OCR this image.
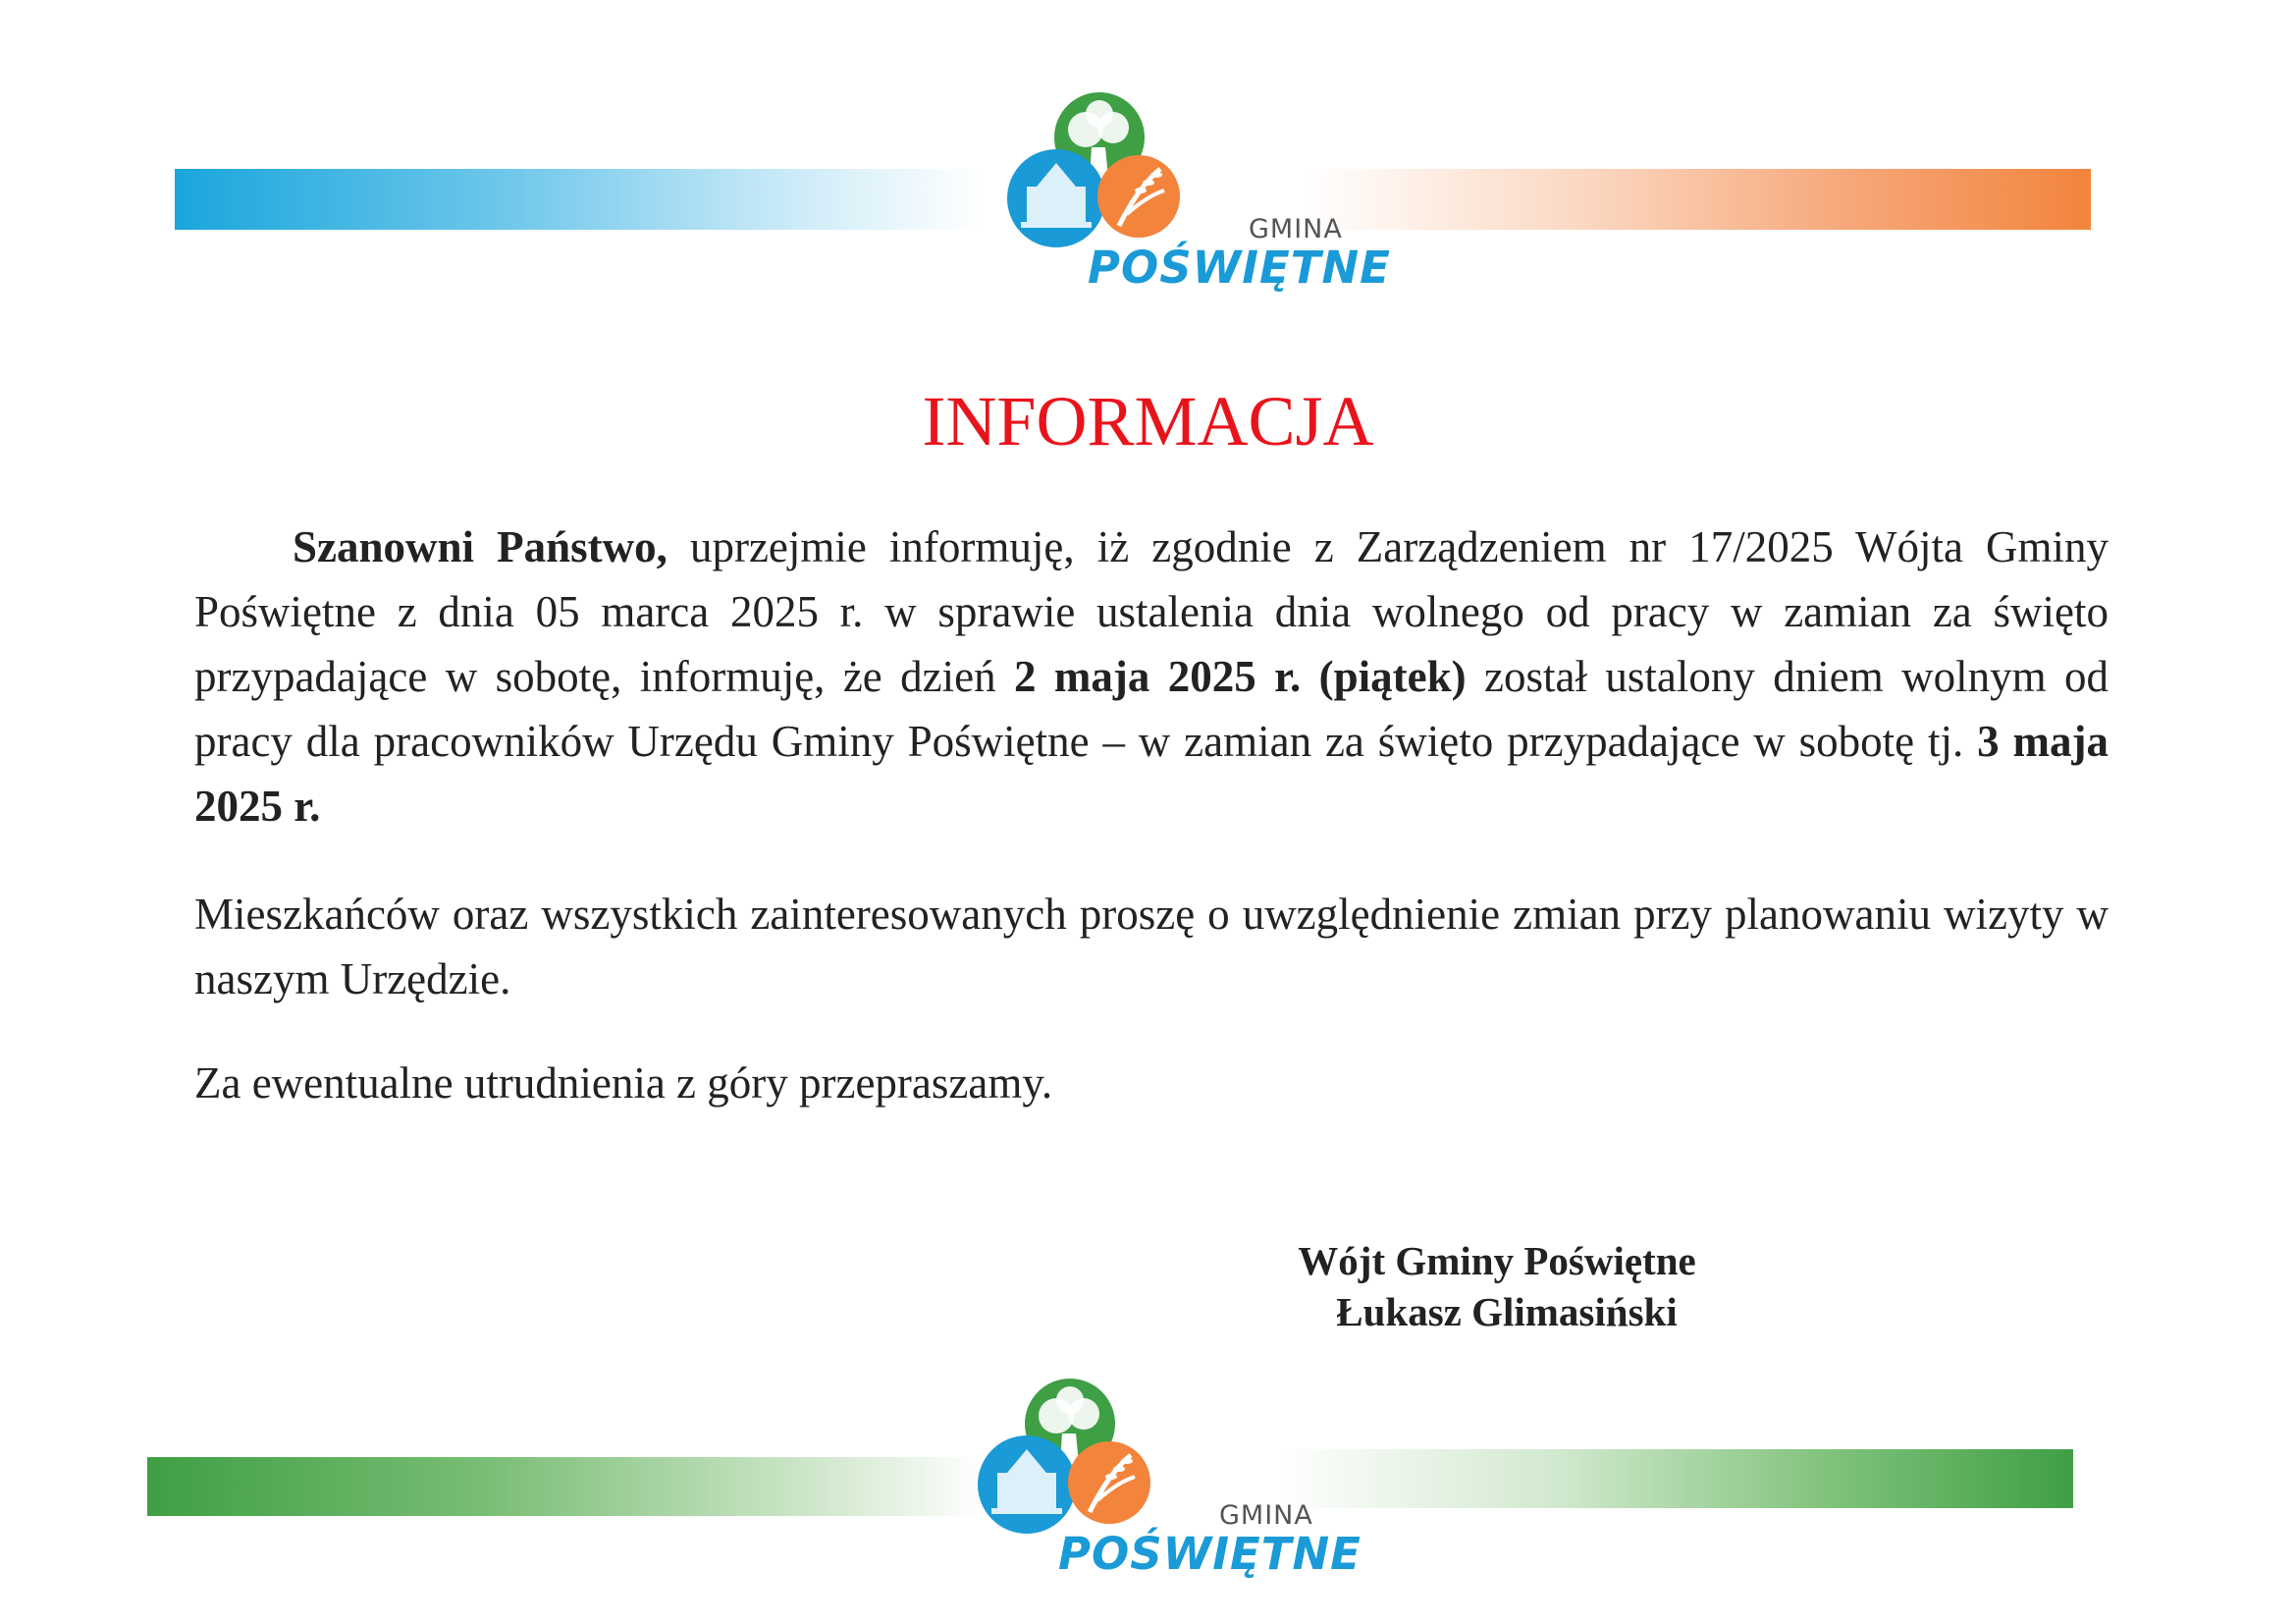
GMINA
POŚWIĘTNE
INFORMACJA

Szanowni Państwo, uprzejmie informuję, iż zgodnie z Zarządzeniem nr 17/2025 Wójta Gminy Poświętne z dnia 05 marca 2025 r. w sprawie ustalenia dnia wolnego od pracy w zamian za święto przypadające w sobotę, informuję, że dzień 2 maja 2025 r. (piątek) został ustalony dniem wolnym od pracy dla pracowników Urzędu Gminy Poświętne – w zamian za święto przypadające w sobotę tj. 3 maja 2025 r.

Mieszkańców oraz wszystkich zainteresowanych proszę o uwzględnienie zmian przy planowaniu wizyty w naszym Urzędzie.

Za ewentualne utrudnienia z góry przepraszamy.

Wójt Gminy Poświętne

Łukasz Glimasiński

GMINA
POŚWIĘTNE
